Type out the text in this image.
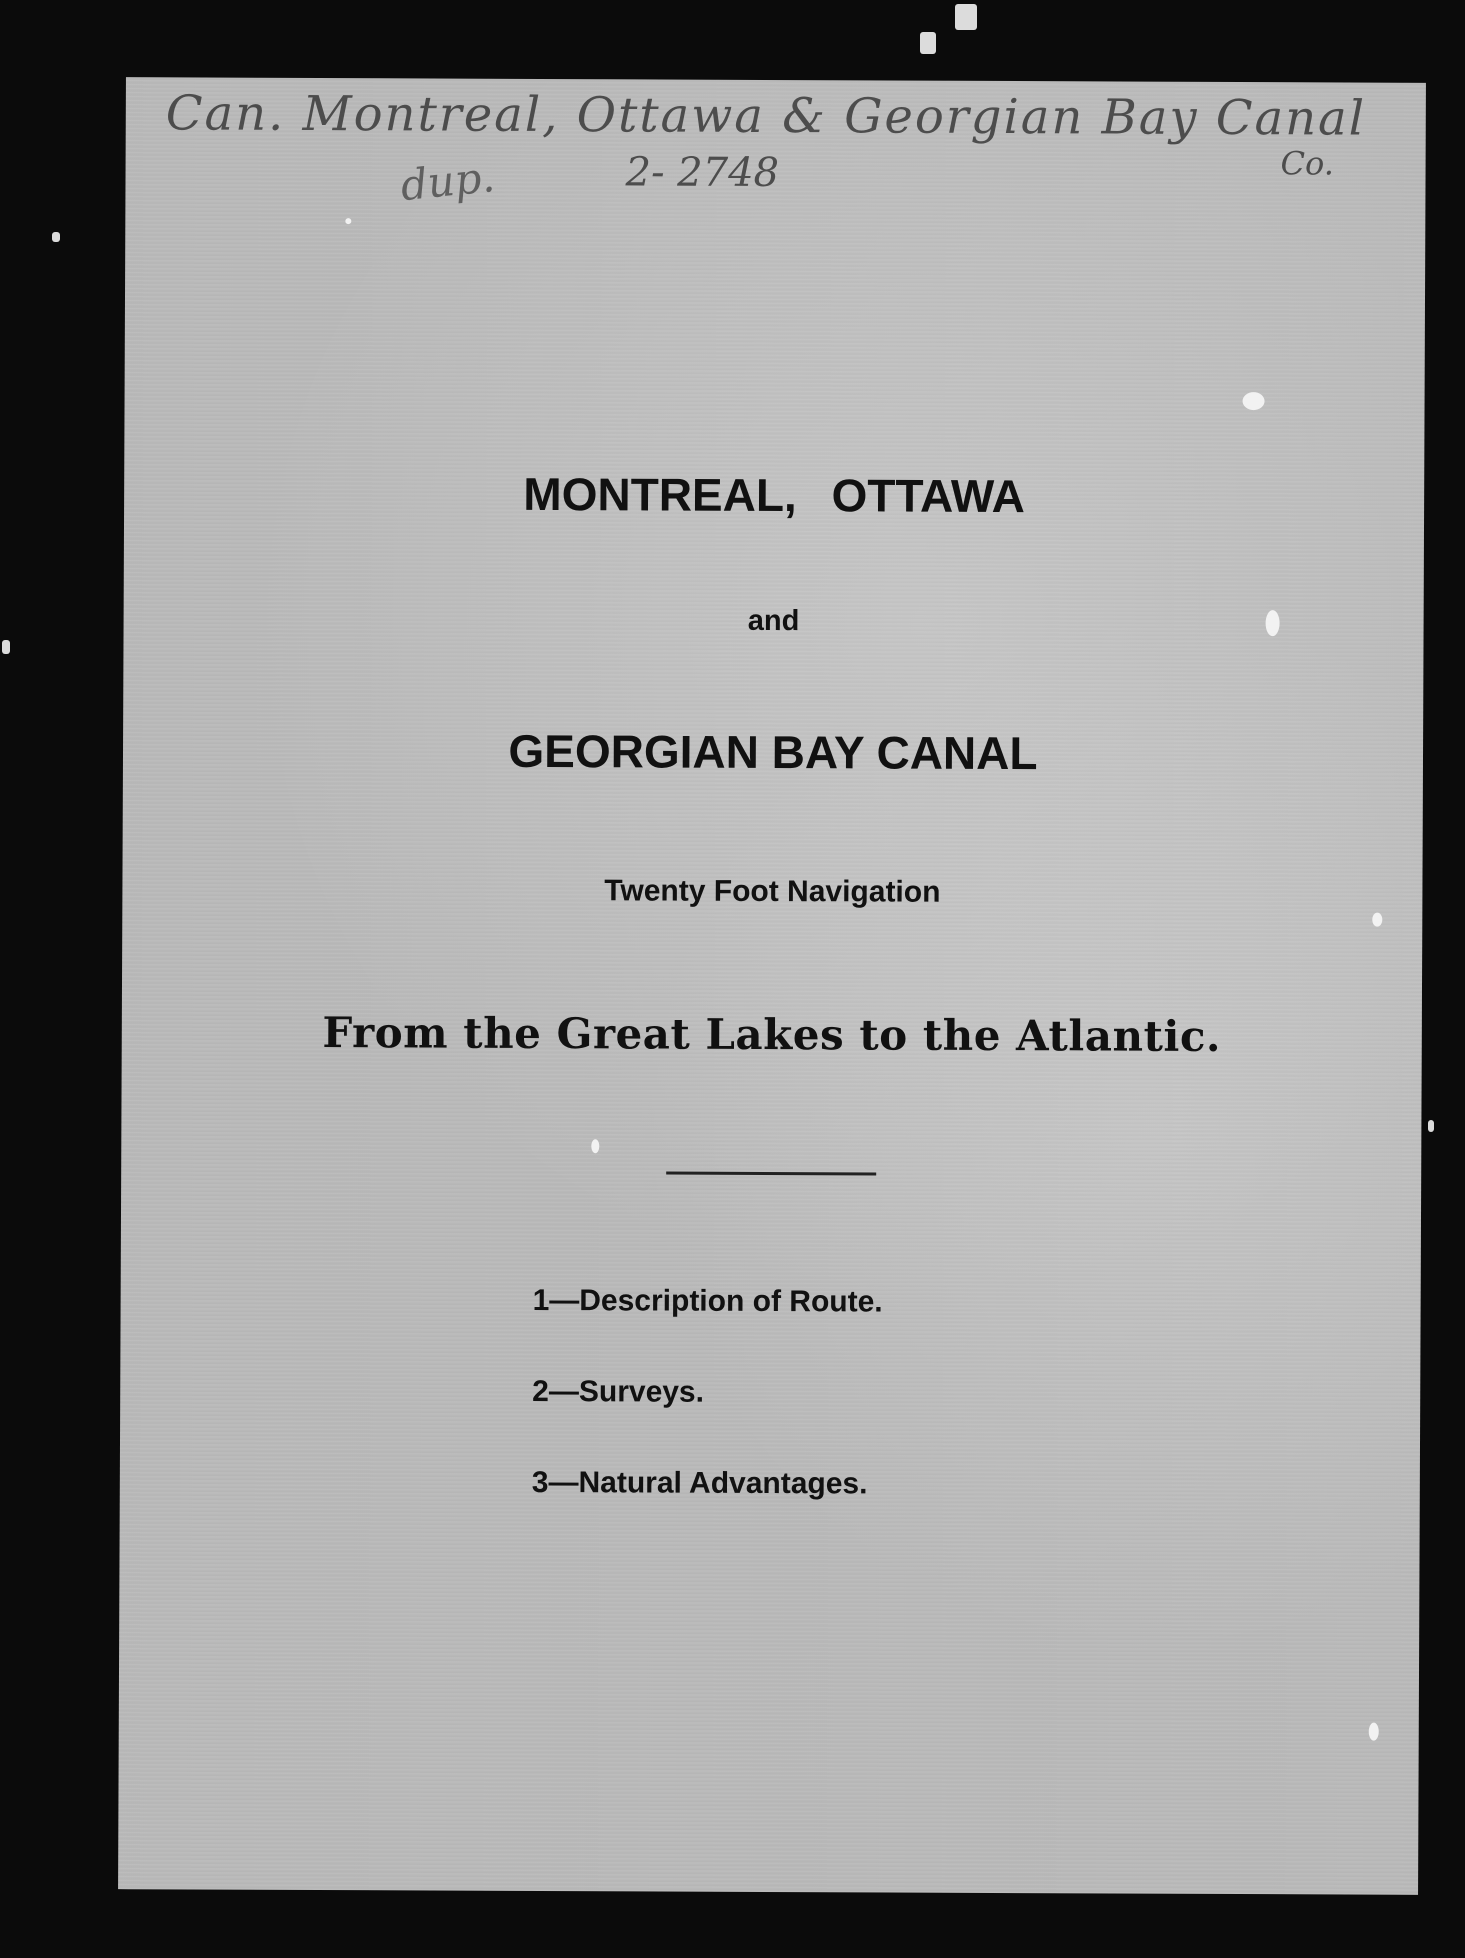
Can. Montreal, Ottawa & Georgian Bay Canal
Co.
dup.	2- 2748
MONTREAL, OTTAWA
and
GEORGIAN BAY CANAL
Twenty Foot Navigation
From the Great Lakes to the Atlantic.
1—Description of Route.
2—Surveys.
3—Natural Advantages.
